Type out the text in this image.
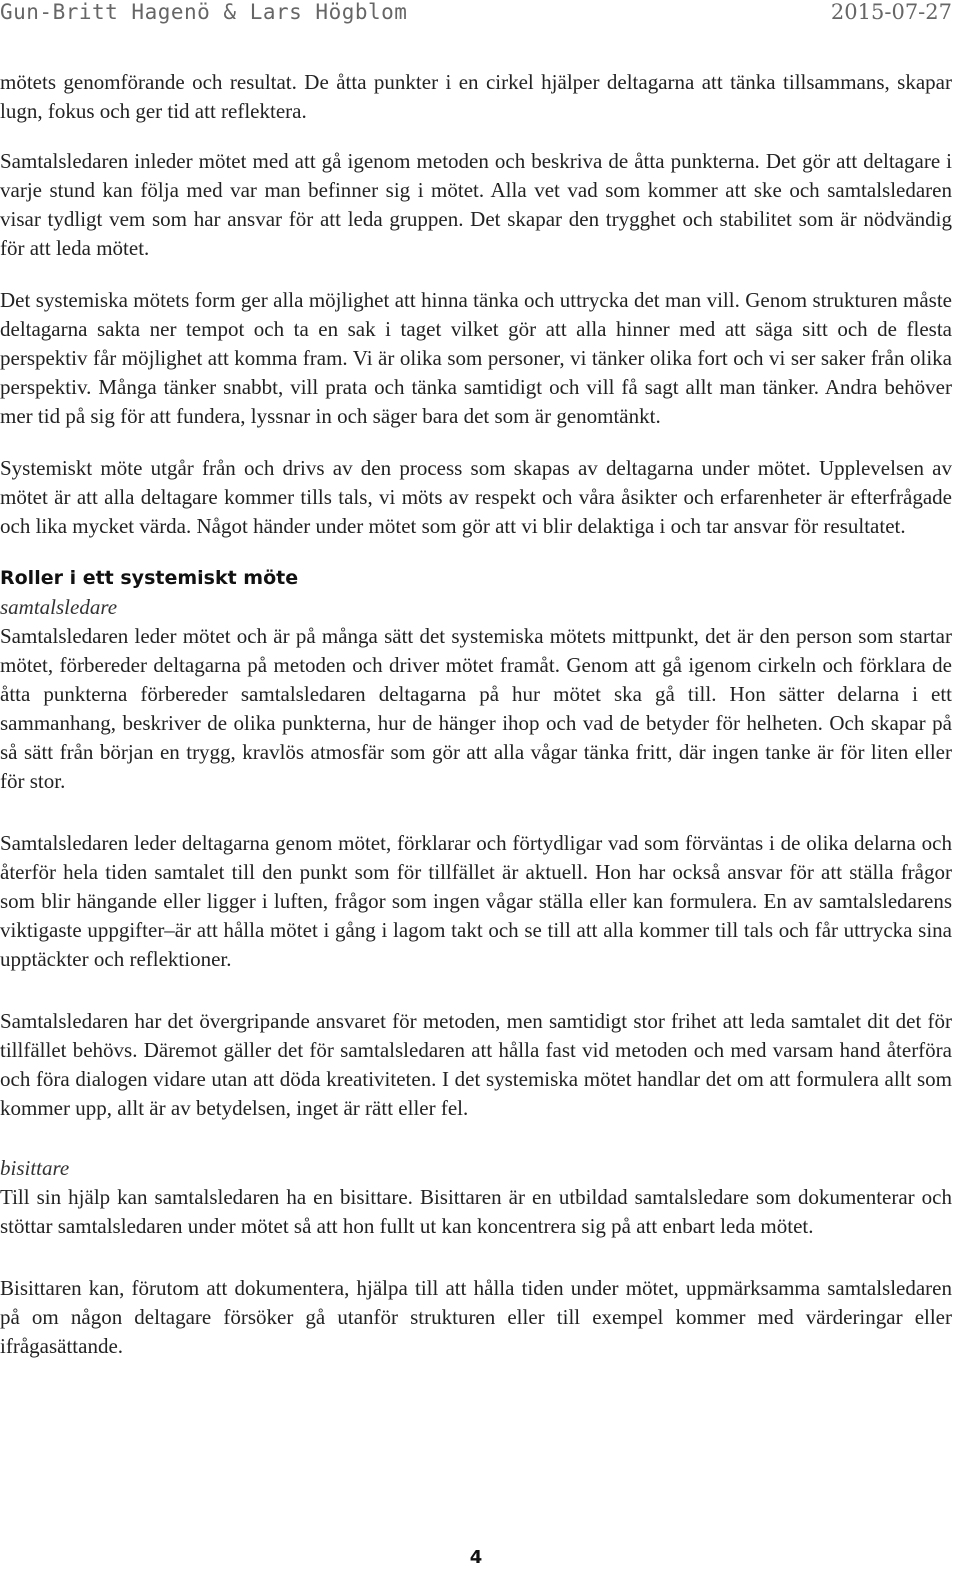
Gun-Britt Hagenö & Lars Högblom	2015-07-27

mötets genomförande och resultat. De åtta punkter i en cirkel hjälper deltagarna att tänka tillsammans, skapar lugn, fokus och ger tid att reflektera.

Samtalsledaren inleder mötet med att gå igenom metoden och beskriva de åtta punkterna. Det gör att deltagare i varje stund kan följa med var man befinner sig i mötet. Alla vet vad som kommer att ske och samtalsledaren visar tydligt vem som har ansvar för att leda gruppen. Det skapar den trygghet och stabilitet som är nödvändig för att leda mötet.

Det systemiska mötets form ger alla möjlighet att hinna tänka och uttrycka det man vill. Genom strukturen måste deltagarna sakta ner tempot och ta en sak i taget vilket gör att alla hinner med att säga sitt och de flesta perspektiv får möjlighet att komma fram. Vi är olika som personer, vi tänker olika fort och vi ser saker från olika perspektiv. Många tänker snabbt, vill prata och tänka samtidigt och vill få sagt allt man tänker. Andra behöver mer tid på sig för att fundera, lyssnar in och säger bara det som är genomtänkt.

Systemiskt möte utgår från och drivs av den process som skapas av deltagarna under mötet. Upplevelsen av mötet är att alla deltagare kommer tills tals, vi möts av respekt och våra åsikter och erfarenheter är efterfrågade och lika mycket värda. Något händer under mötet som gör att vi blir delaktiga i och tar ansvar för resultatet.

Roller i ett systemiskt möte
samtalsledare

Samtalsledaren leder mötet och är på många sätt det systemiska mötets mittpunkt, det är den person som startar mötet, förbereder deltagarna på metoden och driver mötet framåt. Genom att gå igenom cirkeln och förklara de åtta punkterna förbereder samtalsledaren deltagarna på hur mötet ska gå till. Hon sätter delarna i ett sammanhang, beskriver de olika punkterna, hur de hänger ihop och vad de betyder för helheten. Och skapar på så sätt från början en trygg, kravlös atmosfär som gör att alla vågar tänka fritt, där ingen tanke är för liten eller för stor.

Samtalsledaren leder deltagarna genom mötet, förklarar och förtydligar vad som förväntas i de olika delarna och återför hela tiden samtalet till den punkt som för tillfället är aktuell. Hon har också ansvar för att ställa frågor som blir hängande eller ligger i luften, frågor som ingen vågar ställa eller kan formulera. En av samtalsledarens viktigaste uppgifter–är att hålla mötet i gång i lagom takt och se till att alla kommer till tals och får uttrycka sina upptäckter och reflektioner.

Samtalsledaren har det övergripande ansvaret för metoden, men samtidigt stor frihet att leda samtalet dit det för tillfället behövs. Däremot gäller det för samtalsledaren att hålla fast vid metoden och med varsam hand återföra och föra dialogen vidare utan att döda kreativiteten. I det systemiska mötet handlar det om att formulera allt som kommer upp, allt är av betydelsen, inget är rätt eller fel.

bisittare

Till sin hjälp kan samtalsledaren ha en bisittare. Bisittaren är en utbildad samtalsledare som dokumenterar och stöttar samtalsledaren under mötet så att hon fullt ut kan koncentrera sig på att enbart leda mötet.

Bisittaren kan, förutom att dokumentera, hjälpa till att hålla tiden under mötet, uppmärksamma samtalsledaren på om någon deltagare försöker gå utanför strukturen eller till exempel kommer med värderingar eller ifrågasättande.

4
